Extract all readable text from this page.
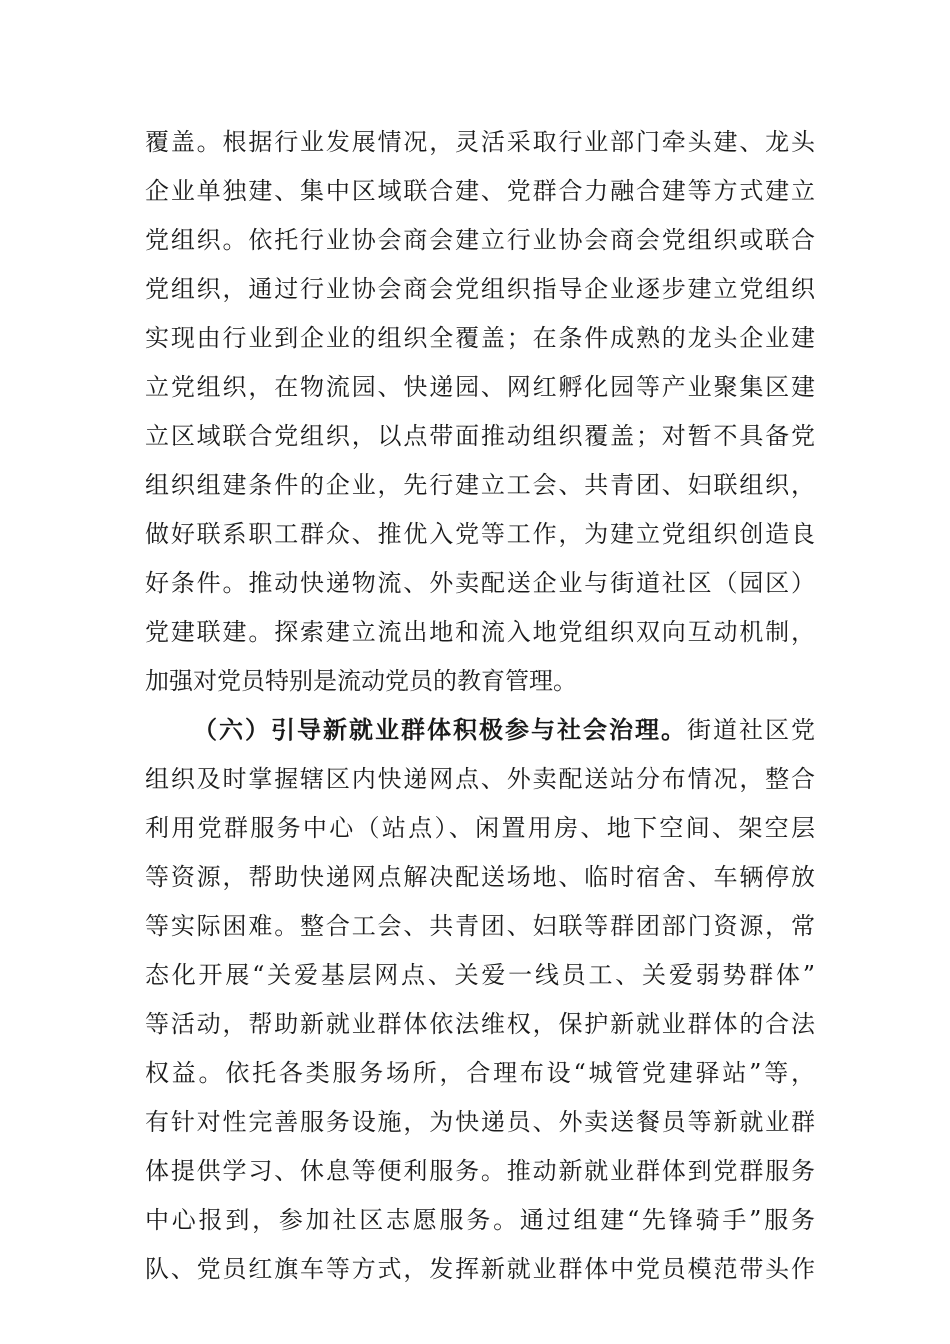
覆盖。根据行业发展情况，灵活采取行业部门牵头建、龙头
企业单独建、集中区域联合建、党群合力融合建等方式建立
党组织。依托行业协会商会建立行业协会商会党组织或联合
党组织，通过行业协会商会党组织指导企业逐步建立党组织
实现由行业到企业的组织全覆盖；在条件成熟的龙头企业建
立党组织，在物流园、快递园、网红孵化园等产业聚集区建
立区域联合党组织，以点带面推动组织覆盖；对暂不具备党
组织组建条件的企业，先行建立工会、共青团、妇联组织，
做好联系职工群众、推优入党等工作，为建立党组织创造良
好条件。推动快递物流、外卖配送企业与街道社区（园区）
党建联建。探索建立流出地和流入地党组织双向互动机制，
加强对党员特别是流动党员的教育管理。
（六）引导新就业群体积极参与社会治理。街道社区党
组织及时掌握辖区内快递网点、外卖配送站分布情况，整合
利用党群服务中心（站点）、闲置用房、地下空间、架空层
等资源，帮助快递网点解决配送场地、临时宿舍、车辆停放
等实际困难。整合工会、共青团、妇联等群团部门资源，常
态化开展“关爱基层网点、关爱一线员工、关爱弱势群体”
等活动，帮助新就业群体依法维权，保护新就业群体的合法
权益。依托各类服务场所，合理布设“城管党建驿站”等，
有针对性完善服务设施，为快递员、外卖送餐员等新就业群
体提供学习、休息等便利服务。推动新就业群体到党群服务
中心报到，参加社区志愿服务。通过组建“先锋骑手”服务
队、党员红旗车等方式，发挥新就业群体中党员模范带头作
